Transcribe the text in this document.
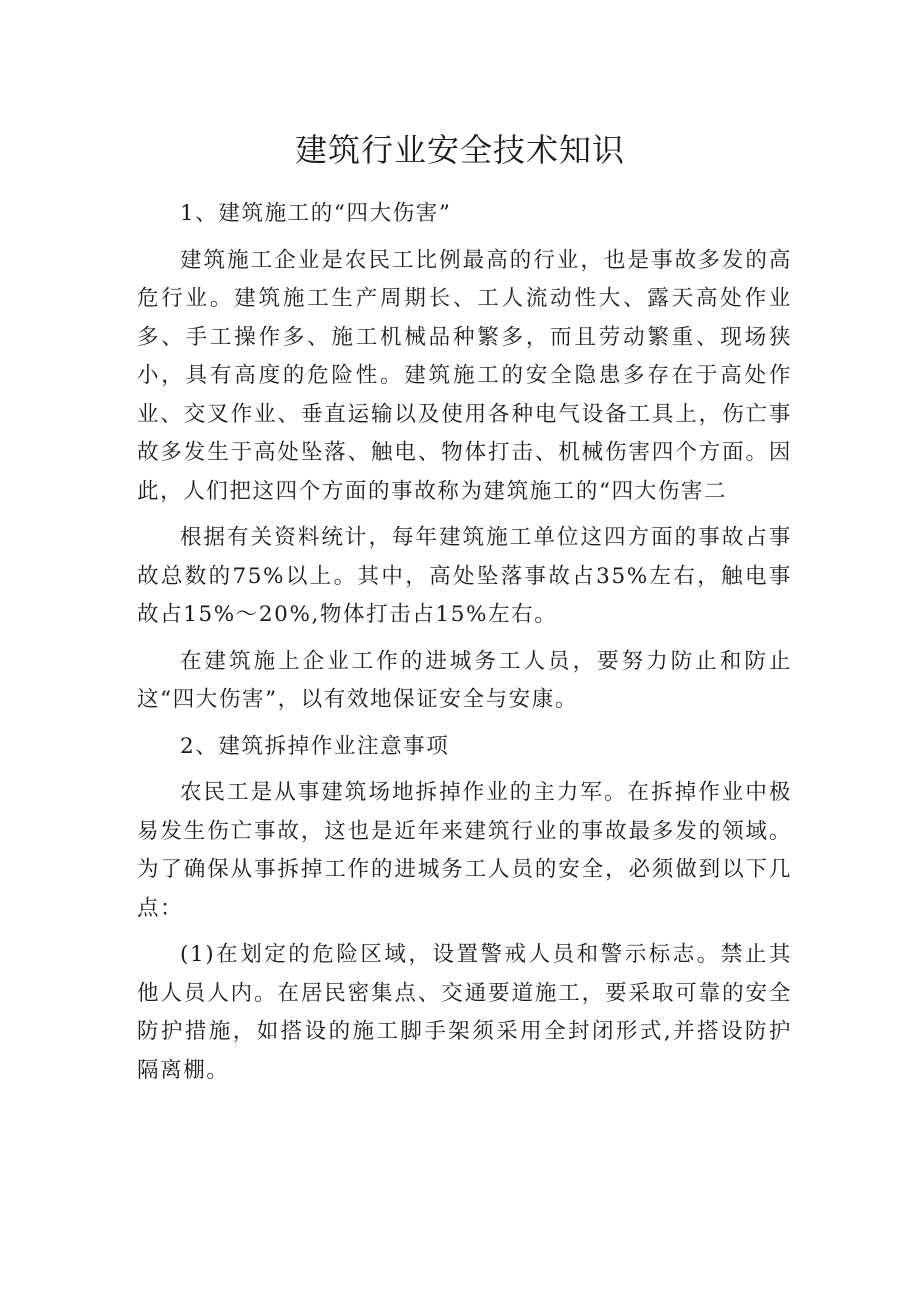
建筑行业安全技术知识

1、建筑施工的“四大伤害”

建筑施工企业是农民工比例最高的行业，也是事故多发的高危行业。建筑施工生产周期长、工人流动性大、露天高处作业多、手工操作多、施工机械品种繁多，而且劳动繁重、现场狭小，具有高度的危险性。建筑施工的安全隐患多存在于高处作业、交叉作业、垂直运输以及使用各种电气设备工具上，伤亡事故多发生于高处坠落、触电、物体打击、机械伤害四个方面。因此，人们把这四个方面的事故称为建筑施工的“四大伤害二

根据有关资料统计，每年建筑施工单位这四方面的事故占事故总数的75%以上。其中，高处坠落事故占35%左右，触电事故占15%～20%,物体打击占15%左右。

在建筑施上企业工作的进城务工人员，要努力防止和防止这“四大伤害”，以有效地保证安全与安康。

2、建筑拆掉作业注意事项

农民工是从事建筑场地拆掉作业的主力军。在拆掉作业中极易发生伤亡事故，这也是近年来建筑行业的事故最多发的领域。为了确保从事拆掉工作的进城务工人员的安全，必须做到以下几点：

(1)在划定的危险区域，设置警戒人员和警示标志。禁止其他人员人内。在居民密集点、交通要道施工，要采取可靠的安全防护措施，如搭设的施工脚手架须采用全封闭形式,并搭设防护隔离棚。
